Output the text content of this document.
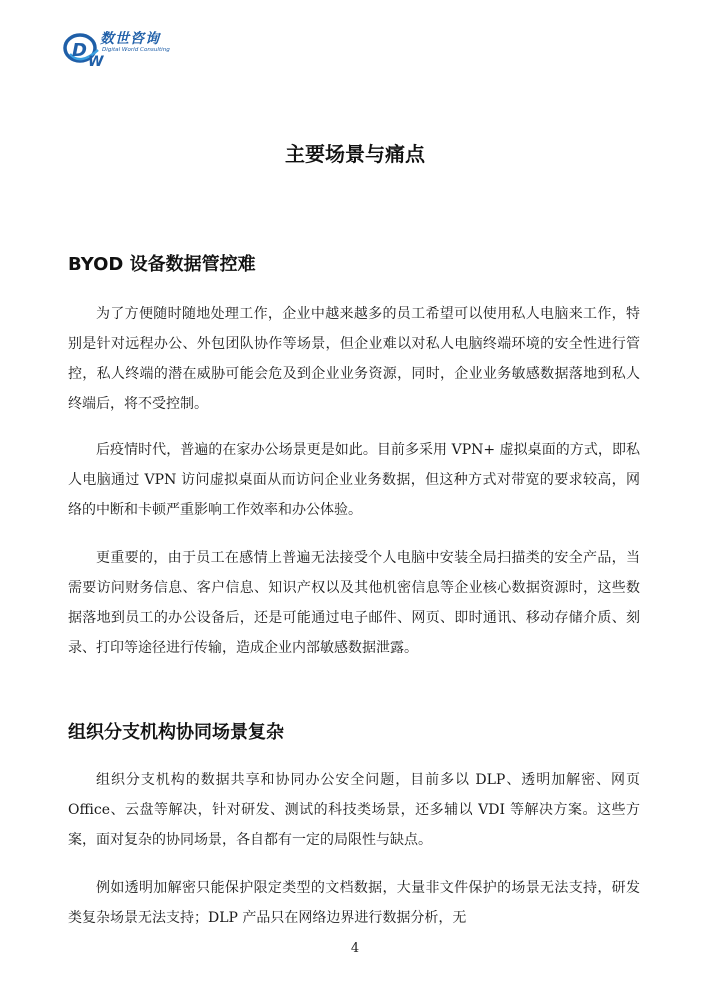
D
W
数世咨询
Digital World Consulting
主要场景与痛点
BYOD 设备数据管控难

为了方便随时随地处理工作，企业中越来越多的员工希望可以使用私人电脑来工作，特别是针对远程办公、外包团队协作等场景，但企业难以对私人电脑终端环境的安全性进行管控，私人终端的潜在威胁可能会危及到企业业务资源，同时，企业业务敏感数据落地到私人终端后，将不受控制。

后疫情时代，普遍的在家办公场景更是如此。目前多采用 VPN+ 虚拟桌面的方式，即私人电脑通过 VPN 访问虚拟桌面从而访问企业业务数据，但这种方式对带宽的要求较高，网络的中断和卡顿严重影响工作效率和办公体验。

更重要的，由于员工在感情上普遍无法接受个人电脑中安装全局扫描类的安全产品，当需要访问财务信息、客户信息、知识产权以及其他机密信息等企业核心数据资源时，这些数据落地到员工的办公设备后，还是可能通过电子邮件、网页、即时通讯、移动存储介质、刻录、打印等途径进行传输，造成企业内部敏感数据泄露。

组织分支机构协同场景复杂

组织分支机构的数据共享和协同办公安全问题，目前多以 DLP、透明加解密、网页 Office、云盘等解决，针对研发、测试的科技类场景，还多辅以 VDI 等解决方案。这些方案，面对复杂的协同场景，各自都有一定的局限性与缺点。

例如透明加解密只能保护限定类型的文档数据，大量非文件保护的场景无法支持，研发类复杂场景无法支持；DLP 产品只在网络边界进行数据分析，无

4
